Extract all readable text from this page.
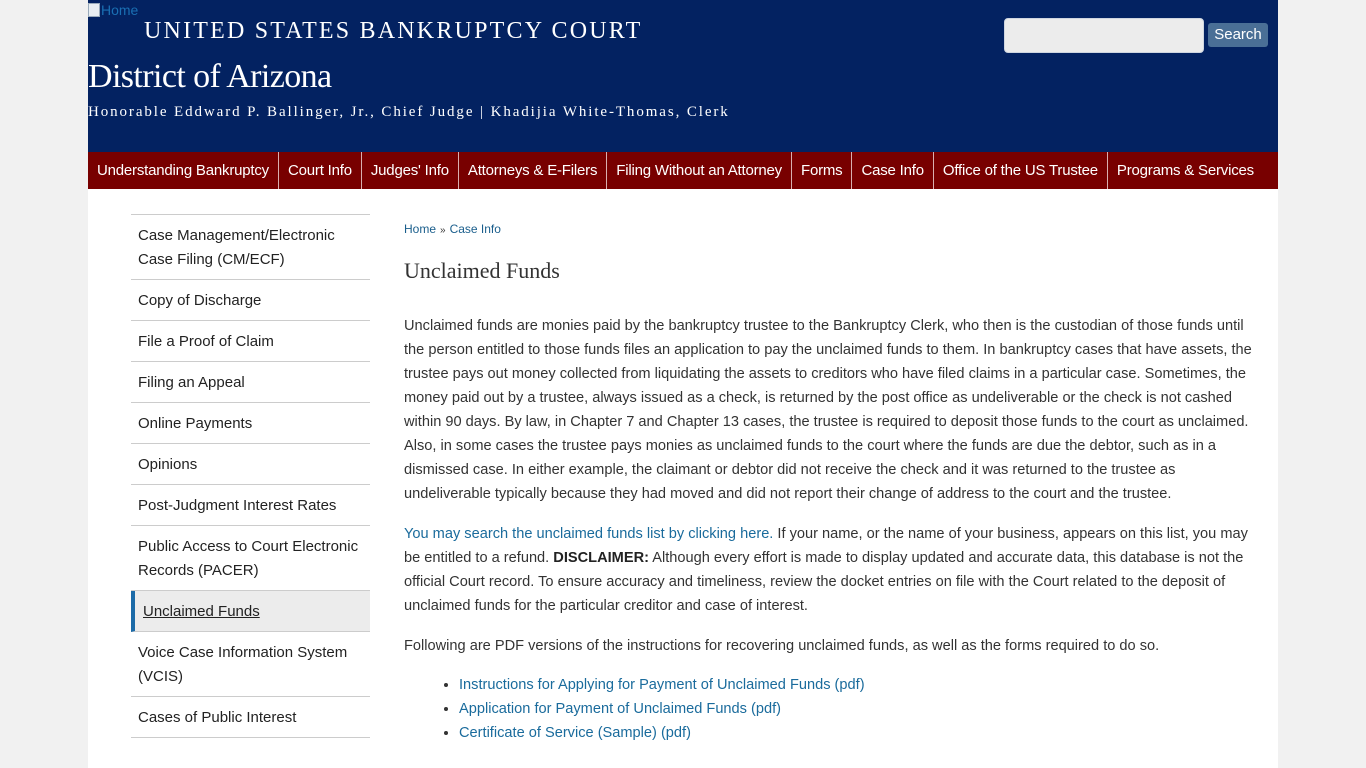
Home
UNITED STATES BANKRUPTCY COURT
District of Arizona
Honorable Eddward P. Ballinger, Jr., Chief Judge | Khadijia White-Thomas, Clerk
Search
Understanding Bankruptcy	Court Info	Judges' Info	Attorneys & E-Filers	Filing Without an Attorney	Forms	Case Info	Office of the US Trustee	Programs & Services
Case Management/Electronic Case Filing (CM/ECF)
Copy of Discharge
File a Proof of Claim
Filing an Appeal
Online Payments
Opinions
Post-Judgment Interest Rates
Public Access to Court Electronic Records (PACER)
Unclaimed Funds
Voice Case Information System (VCIS)
Cases of Public Interest
Home » Case Info
Unclaimed Funds

Unclaimed funds are monies paid by the bankruptcy trustee to the Bankruptcy Clerk, who then is the custodian of those funds until the person entitled to those funds files an application to pay the unclaimed funds to them. In bankruptcy cases that have assets, the trustee pays out money collected from liquidating the assets to creditors who have filed claims in a particular case. Sometimes, the money paid out by a trustee, always issued as a check, is returned by the post office as undeliverable or the check is not cashed within 90 days. By law, in Chapter 7 and Chapter 13 cases, the trustee is required to deposit those funds to the court as unclaimed. Also, in some cases the trustee pays monies as unclaimed funds to the court where the funds are due the debtor, such as in a dismissed case. In either example, the claimant or debtor did not receive the check and it was returned to the trustee as undeliverable typically because they had moved and did not report their change of address to the court and the trustee.

You may search the unclaimed funds list by clicking here. If your name, or the name of your business, appears on this list, you may be entitled to a refund. DISCLAIMER: Although every effort is made to display updated and accurate data, this database is not the official Court record. To ensure accuracy and timeliness, review the docket entries on file with the Court related to the deposit of unclaimed funds for the particular creditor and case of interest.

Following are PDF versions of the instructions for recovering unclaimed funds, as well as the forms required to do so.

• Instructions for Applying for Payment of Unclaimed Funds (pdf)
• Application for Payment of Unclaimed Funds (pdf)
• Certificate of Service (Sample) (pdf)
